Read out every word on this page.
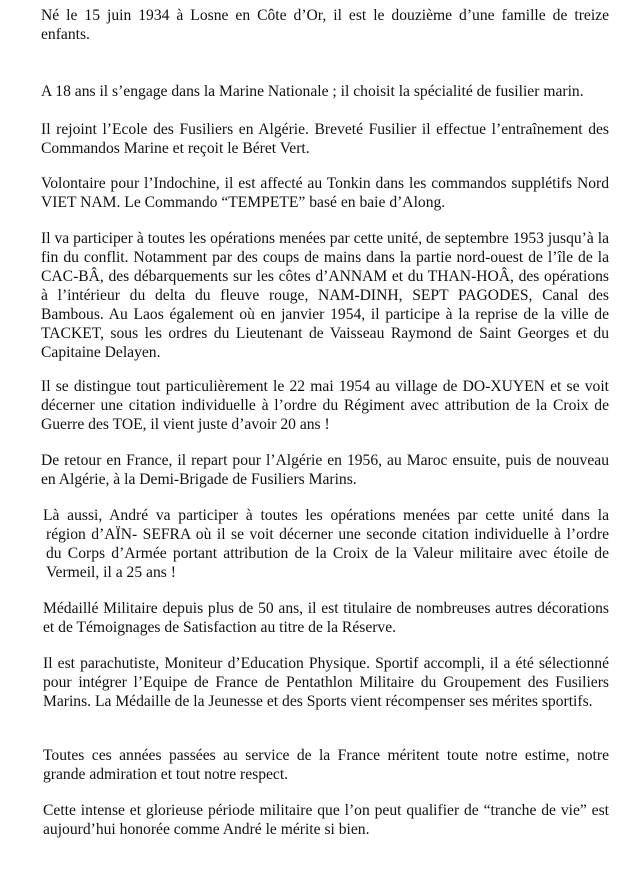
Né le 15 juin 1934 à Losne en Côte d’Or, il est le douzième d’une famille de treize enfants.

A 18 ans il s’engage dans la Marine Nationale ; il choisit la spécialité de fusilier marin.

Il rejoint l’Ecole des Fusiliers en Algérie. Breveté Fusilier il effectue l’entraînement des Commandos Marine et reçoit le Béret Vert.

Volontaire pour l’Indochine, il est affecté au Tonkin dans les commandos supplétifs Nord VIET NAM. Le Commando “TEMPETE” basé en baie d’Along.

Il va participer à toutes les opérations menées par cette unité, de septembre 1953 jusqu’à la fin du conflit. Notamment par des coups de mains dans la partie nord-ouest de l’île de la CAC-BÂ, des débarquements sur les côtes d’ANNAM et du THAN-HOÂ, des opérations à l’intérieur du delta du fleuve rouge, NAM-DINH, SEPT PAGODES, Canal des Bambous. Au Laos également où en janvier 1954, il participe à la reprise de la ville de TACKET, sous les ordres du Lieutenant de Vaisseau Raymond de Saint Georges et du Capitaine Delayen.

Il se distingue tout particulièrement le 22 mai 1954 au village de DO-XUYEN et se voit décerner une citation individuelle à l’ordre du Régiment avec attribution de la Croix de Guerre des TOE, il vient juste d’avoir 20 ans !

De retour en France, il repart pour l’Algérie en 1956, au Maroc ensuite, puis de nouveau en Algérie, à la Demi-Brigade de Fusiliers Marins.

Là aussi, André va participer à toutes les opérations menées par cette unité dans la
région d’AÏN- SEFRA où il se voit décerner une seconde citation individuelle à l’ordre
du Corps d’Armée portant attribution de la Croix de la Valeur militaire avec étoile de
Vermeil, il a 25 ans !

Médaillé Militaire depuis plus de 50 ans, il est titulaire de nombreuses autres décorations et de Témoignages de Satisfaction au titre de la Réserve.

Il est parachutiste, Moniteur d’Education Physique. Sportif accompli, il a été sélectionné pour intégrer l’Equipe de France de Pentathlon Militaire du Groupement des Fusiliers Marins. La Médaille de la Jeunesse et des Sports vient récompenser ses mérites sportifs.

Toutes ces années passées au service de la France méritent toute notre estime, notre grande admiration et tout notre respect.

Cette intense et glorieuse période militaire que l’on peut qualifier de “tranche de vie” est aujourd’hui honorée comme André le mérite si bien.
